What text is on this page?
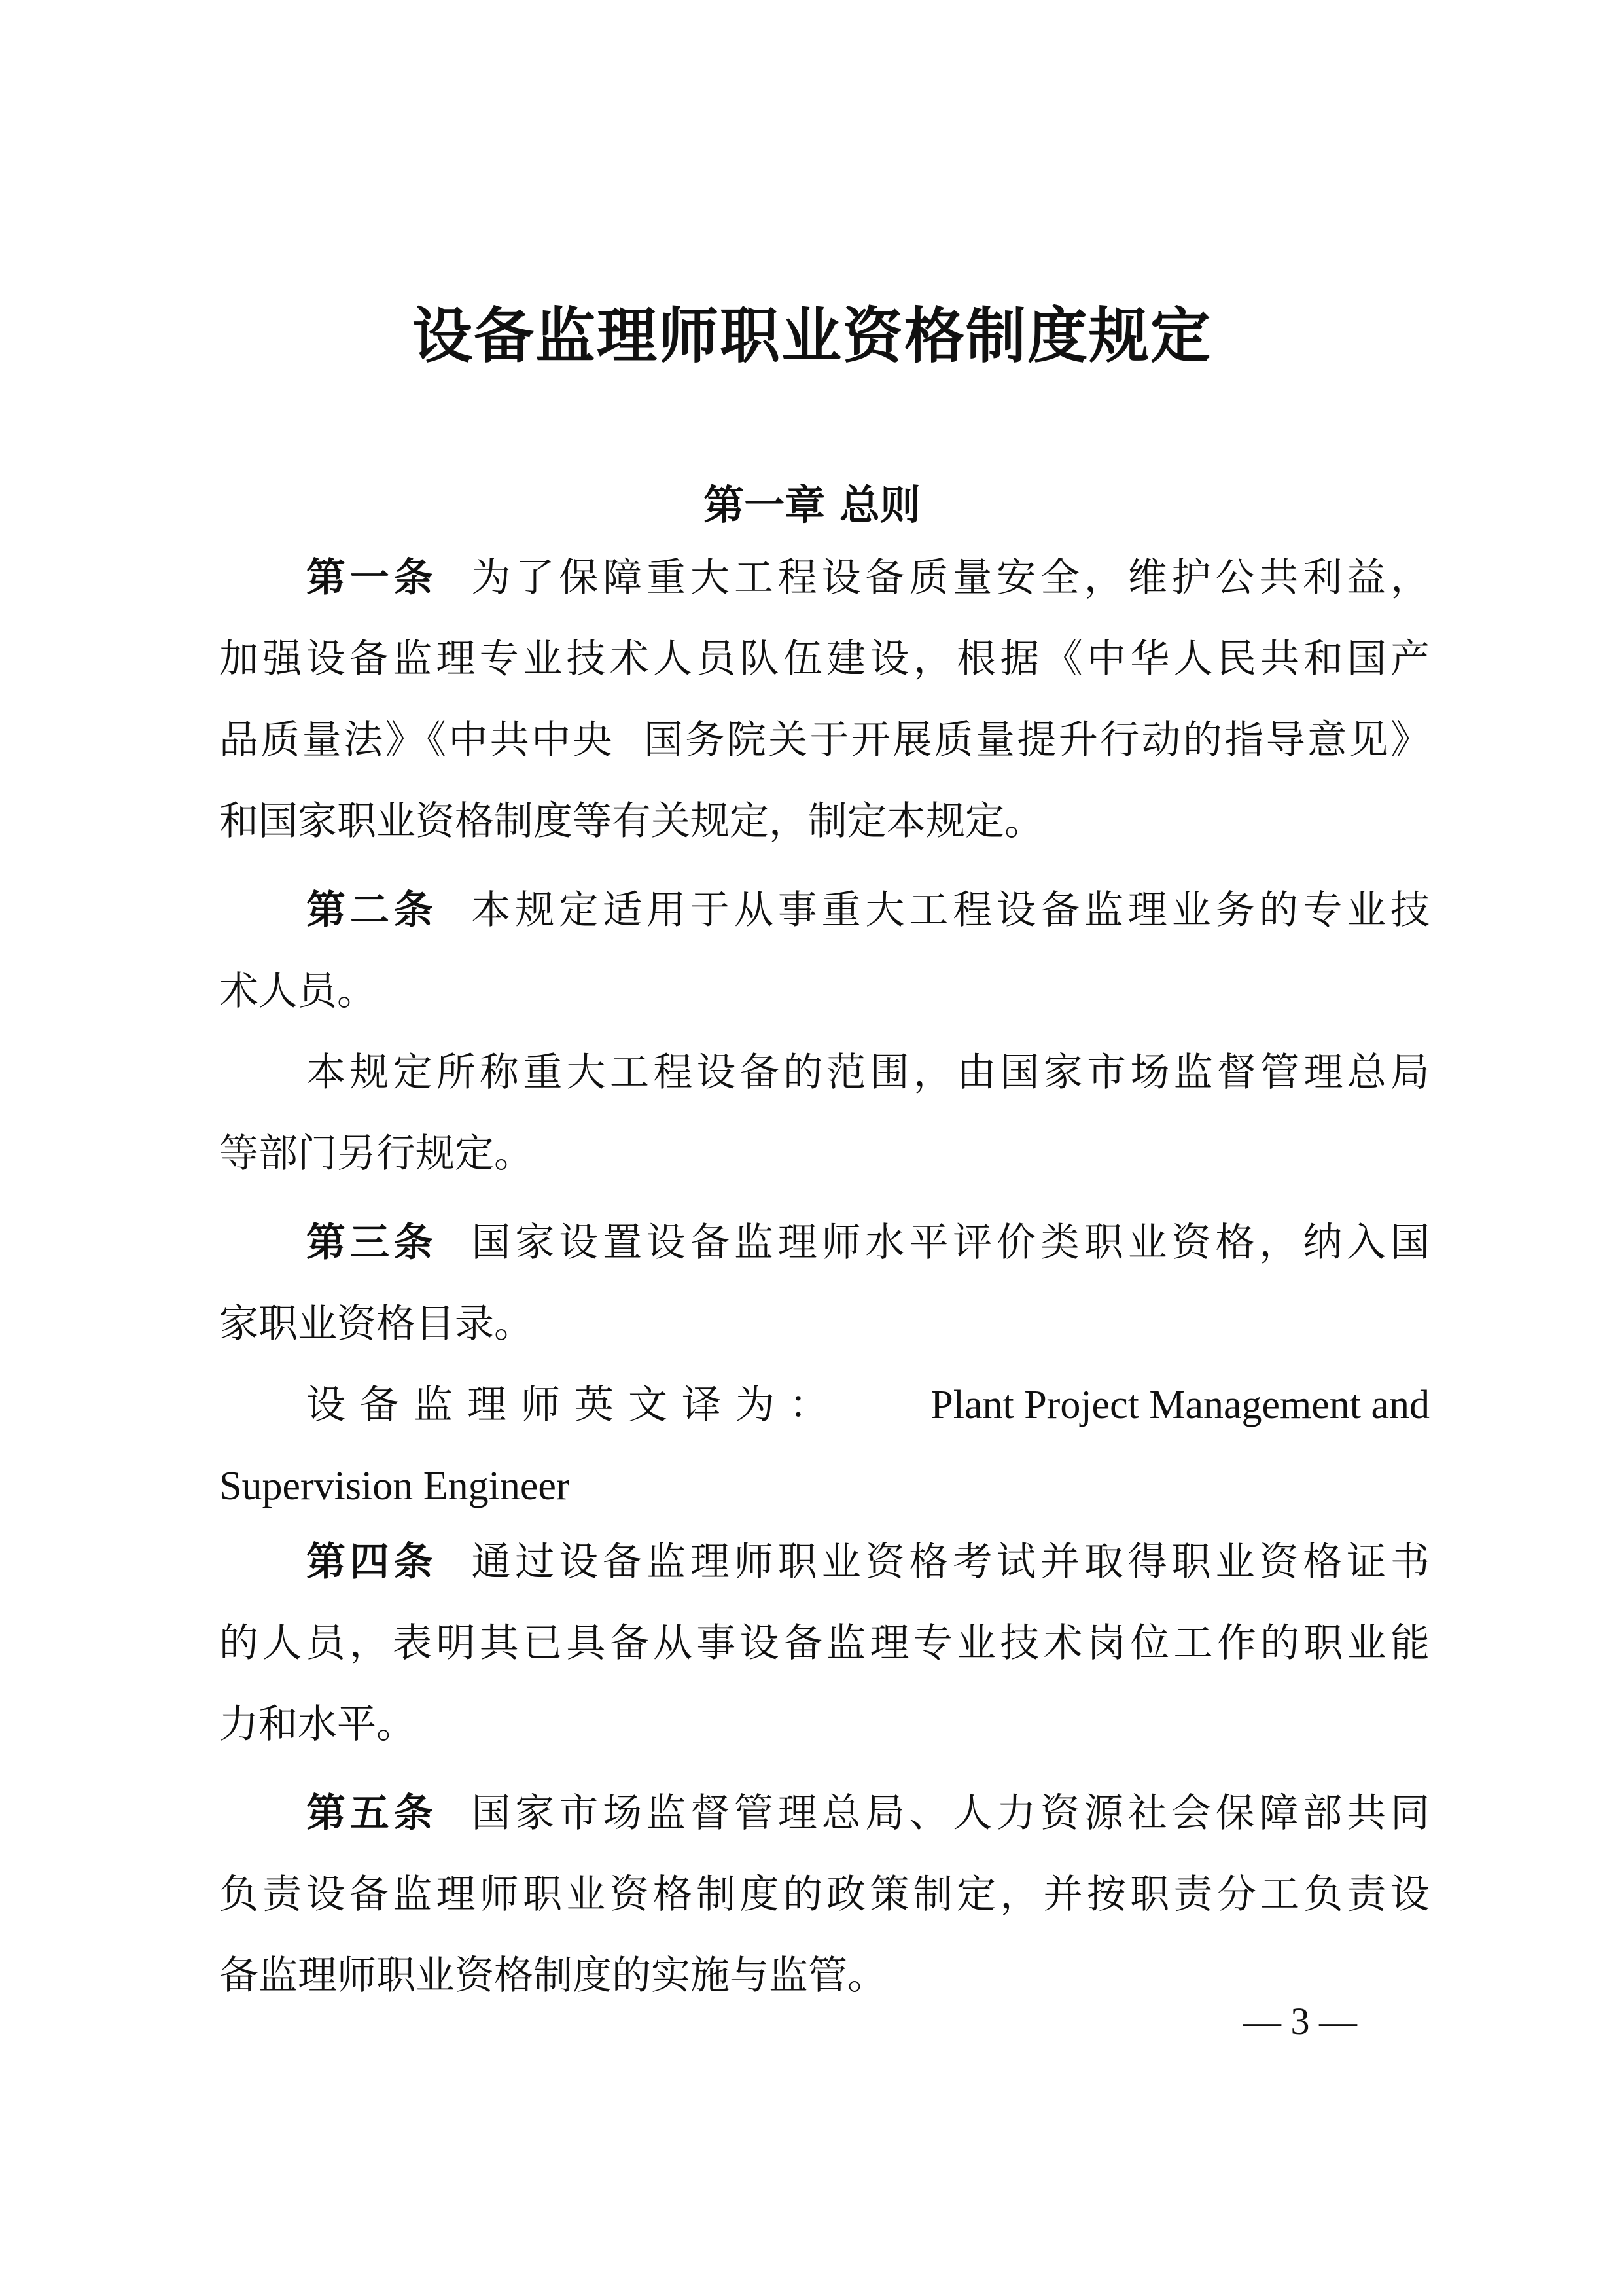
设备监理师职业资格制度规定
第一章 总则
第一条 为了保障重大工程设备质量安全，维护公共利益，
加强设备监理专业技术人员队伍建设，根据《中华人民共和国产
品质量法》《中共中央  国务院关于开展质量提升行动的指导意见》
和国家职业资格制度等有关规定，制定本规定。
第二条 本规定适用于从事重大工程设备监理业务的专业技
术人员。
本规定所称重大工程设备的范围，由国家市场监督管理总局
等部门另行规定。
第三条 国家设置设备监理师水平评价类职业资格，纳入国
家职业资格目录。
设备监理师英文译为： Plant Project Management and
Supervision Engineer
第四条 通过设备监理师职业资格考试并取得职业资格证书
的人员，表明其已具备从事设备监理专业技术岗位工作的职业能
力和水平。
第五条 国家市场监督管理总局、人力资源社会保障部共同
负责设备监理师职业资格制度的政策制定，并按职责分工负责设
备监理师职业资格制度的实施与监管。
— 3 —
